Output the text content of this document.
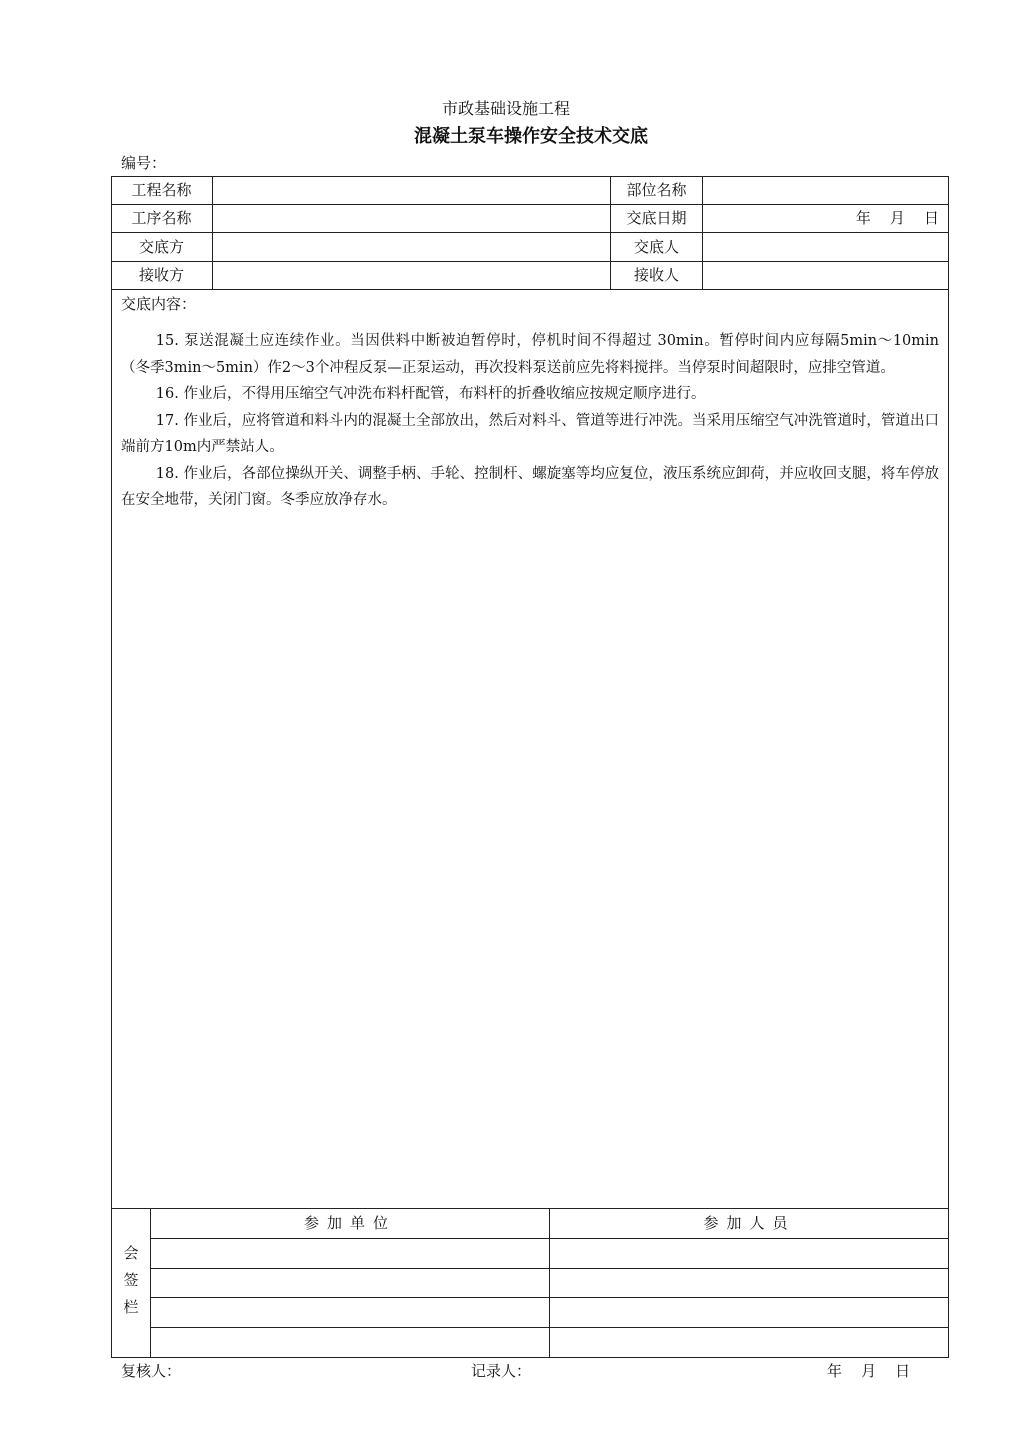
市政基础设施工程
混凝土泵车操作安全技术交底
编号：
工程名称	部位名称
工序名称	交底日期	年    月    日
交底方	交底人
接收方	接收人
交底内容：

15. 泵送混凝土应连续作业。当因供料中断被迫暂停时，停机时间不得超过 30min。暂停时间内应每隔5min～10min（冬季3min～5min）作2～3个冲程反泵—正泵运动，再次投料泵送前应先将料搅拌。当停泵时间超限时，应排空管道。

16. 作业后，不得用压缩空气冲洗布料杆配管，布料杆的折叠收缩应按规定顺序进行。

17. 作业后，应将管道和料斗内的混凝土全部放出，然后对料斗、管道等进行冲洗。当采用压缩空气冲洗管道时，管道出口端前方10m内严禁站人。

18. 作业后，各部位操纵开关、调整手柄、手轮、控制杆、螺旋塞等均应复位，液压系统应卸荷，并应收回支腿，将车停放在安全地带，关闭门窗。冬季应放净存水。

会
签
栏
参加单位	参加人员
复核人：	记录人：	年    月    日
